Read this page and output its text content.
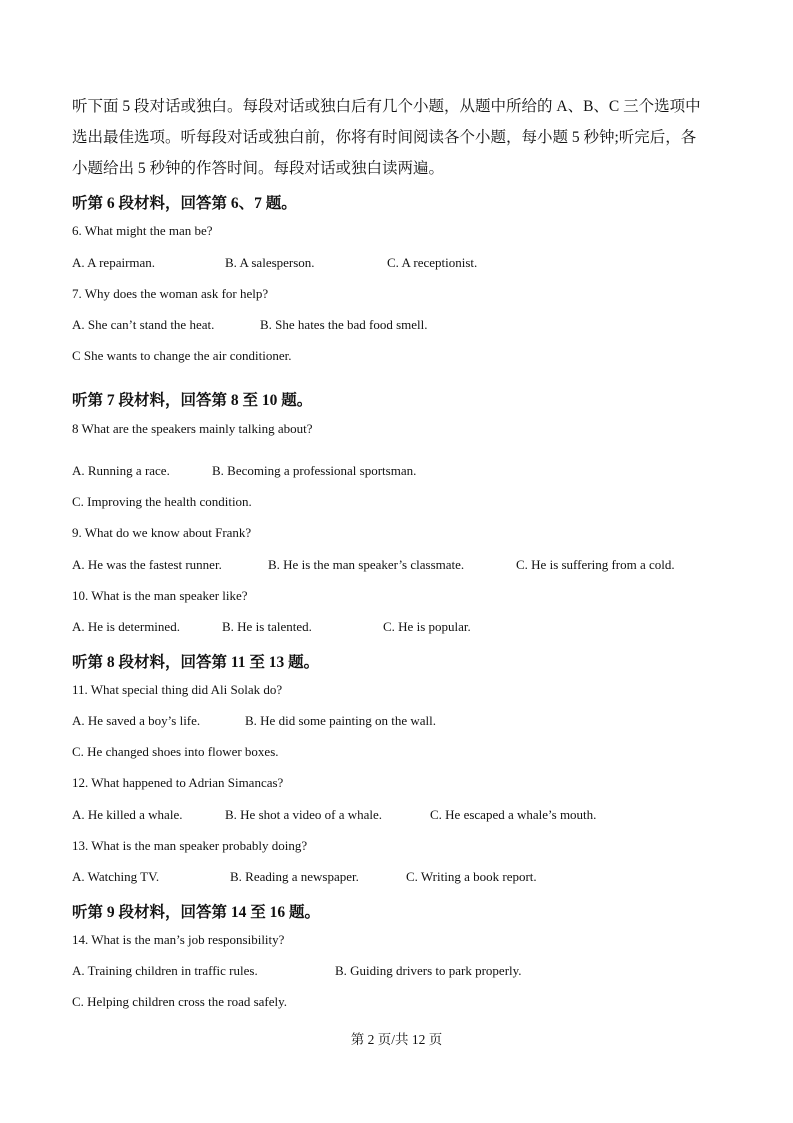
听下面 5 段对话或独白。每段对话或独白后有几个小题，从题中所给的 A、B、C 三个选项中
选出最佳选项。听每段对话或独白前，你将有时间阅读各个小题，每小题 5 秒钟;听完后，各
小题给出 5 秒钟的作答时间。每段对话或独白读两遍。
听第 6 段材料，回答第 6、7 题。
6. What might the man be?
A. A repairman.	B. A salesperson.	C. A receptionist.
7. Why does the woman ask for help?
A. She can’t stand the heat.	B. She hates the bad food smell.
C She wants to change the air conditioner.
听第 7 段材料，回答第 8 至 10 题。
8 What are the speakers mainly talking about?
A. Running a race.	B. Becoming a professional sportsman.
C. Improving the health condition.
9. What do we know about Frank?
A. He was the fastest runner.	B. He is the man speaker’s classmate.	C. He is suffering from a cold.
10. What is the man speaker like?
A. He is determined.	B. He is talented.	C. He is popular.
听第 8 段材料，回答第 11 至 13 题。
11. What special thing did Ali Solak do?
A. He saved a boy’s life.	B. He did some painting on the wall.
C. He changed shoes into flower boxes.
12. What happened to Adrian Simancas?
A. He killed a whale.	B. He shot a video of a whale.	C. He escaped a whale’s mouth.
13. What is the man speaker probably doing?
A. Watching TV.	B. Reading a newspaper.	C. Writing a book report.
听第 9 段材料，回答第 14 至 16 题。
14. What is the man’s job responsibility?
A. Training children in traffic rules.	B. Guiding drivers to park properly.
C. Helping children cross the road safely.
第 2 页/共 12 页
